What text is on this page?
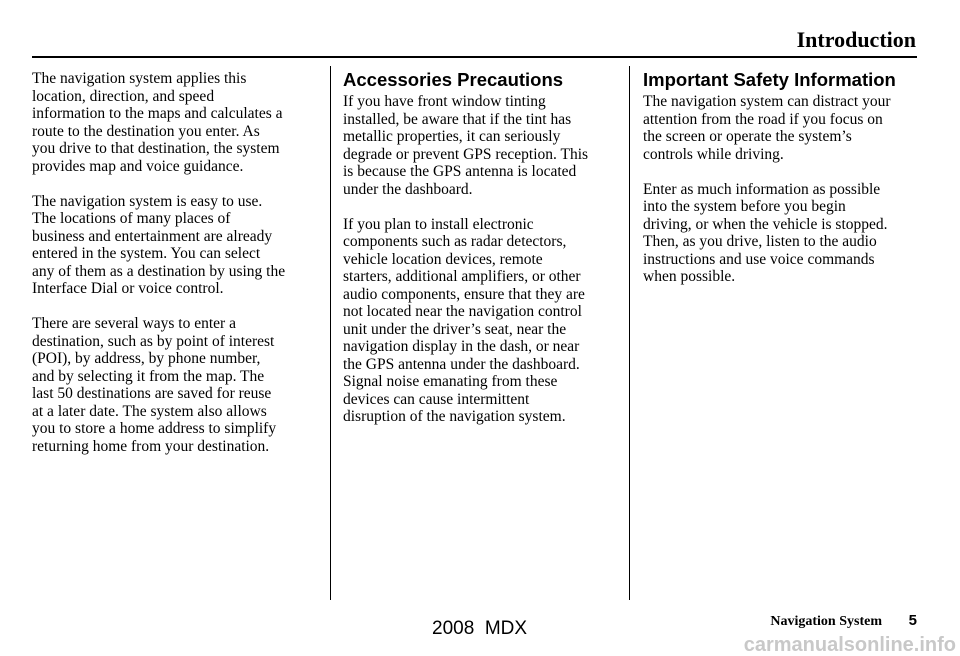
Introduction

The navigation system applies this
location, direction, and speed
information to the maps and calculates a
route to the destination you enter. As
you drive to that destination, the system
provides map and voice guidance.

The navigation system is easy to use.
The locations of many places of
business and entertainment are already
entered in the system. You can select
any of them as a destination by using the
Interface Dial or voice control.

There are several ways to enter a
destination, such as by point of interest
(POI), by address, by phone number,
and by selecting it from the map. The
last 50 destinations are saved for reuse
at a later date. The system also allows
you to store a home address to simplify
returning home from your destination.

Accessories Precautions

If you have front window tinting
installed, be aware that if the tint has
metallic properties, it can seriously
degrade or prevent GPS reception. This
is because the GPS antenna is located
under the dashboard.

If you plan to install electronic
components such as radar detectors,
vehicle location devices, remote
starters, additional amplifiers, or other
audio components, ensure that they are
not located near the navigation control
unit under the driver’s seat, near the
navigation display in the dash, or near
the GPS antenna under the dashboard.
Signal noise emanating from these
devices can cause intermittent
disruption of the navigation system.

Important Safety Information

The navigation system can distract your
attention from the road if you focus on
the screen or operate the system’s
controls while driving.

Enter as much information as possible
into the system before you begin
driving, or when the vehicle is stopped.
Then, as you drive, listen to the audio
instructions and use voice commands
when possible.

Navigation System 5
2008  MDX
carmanualsonline.info
